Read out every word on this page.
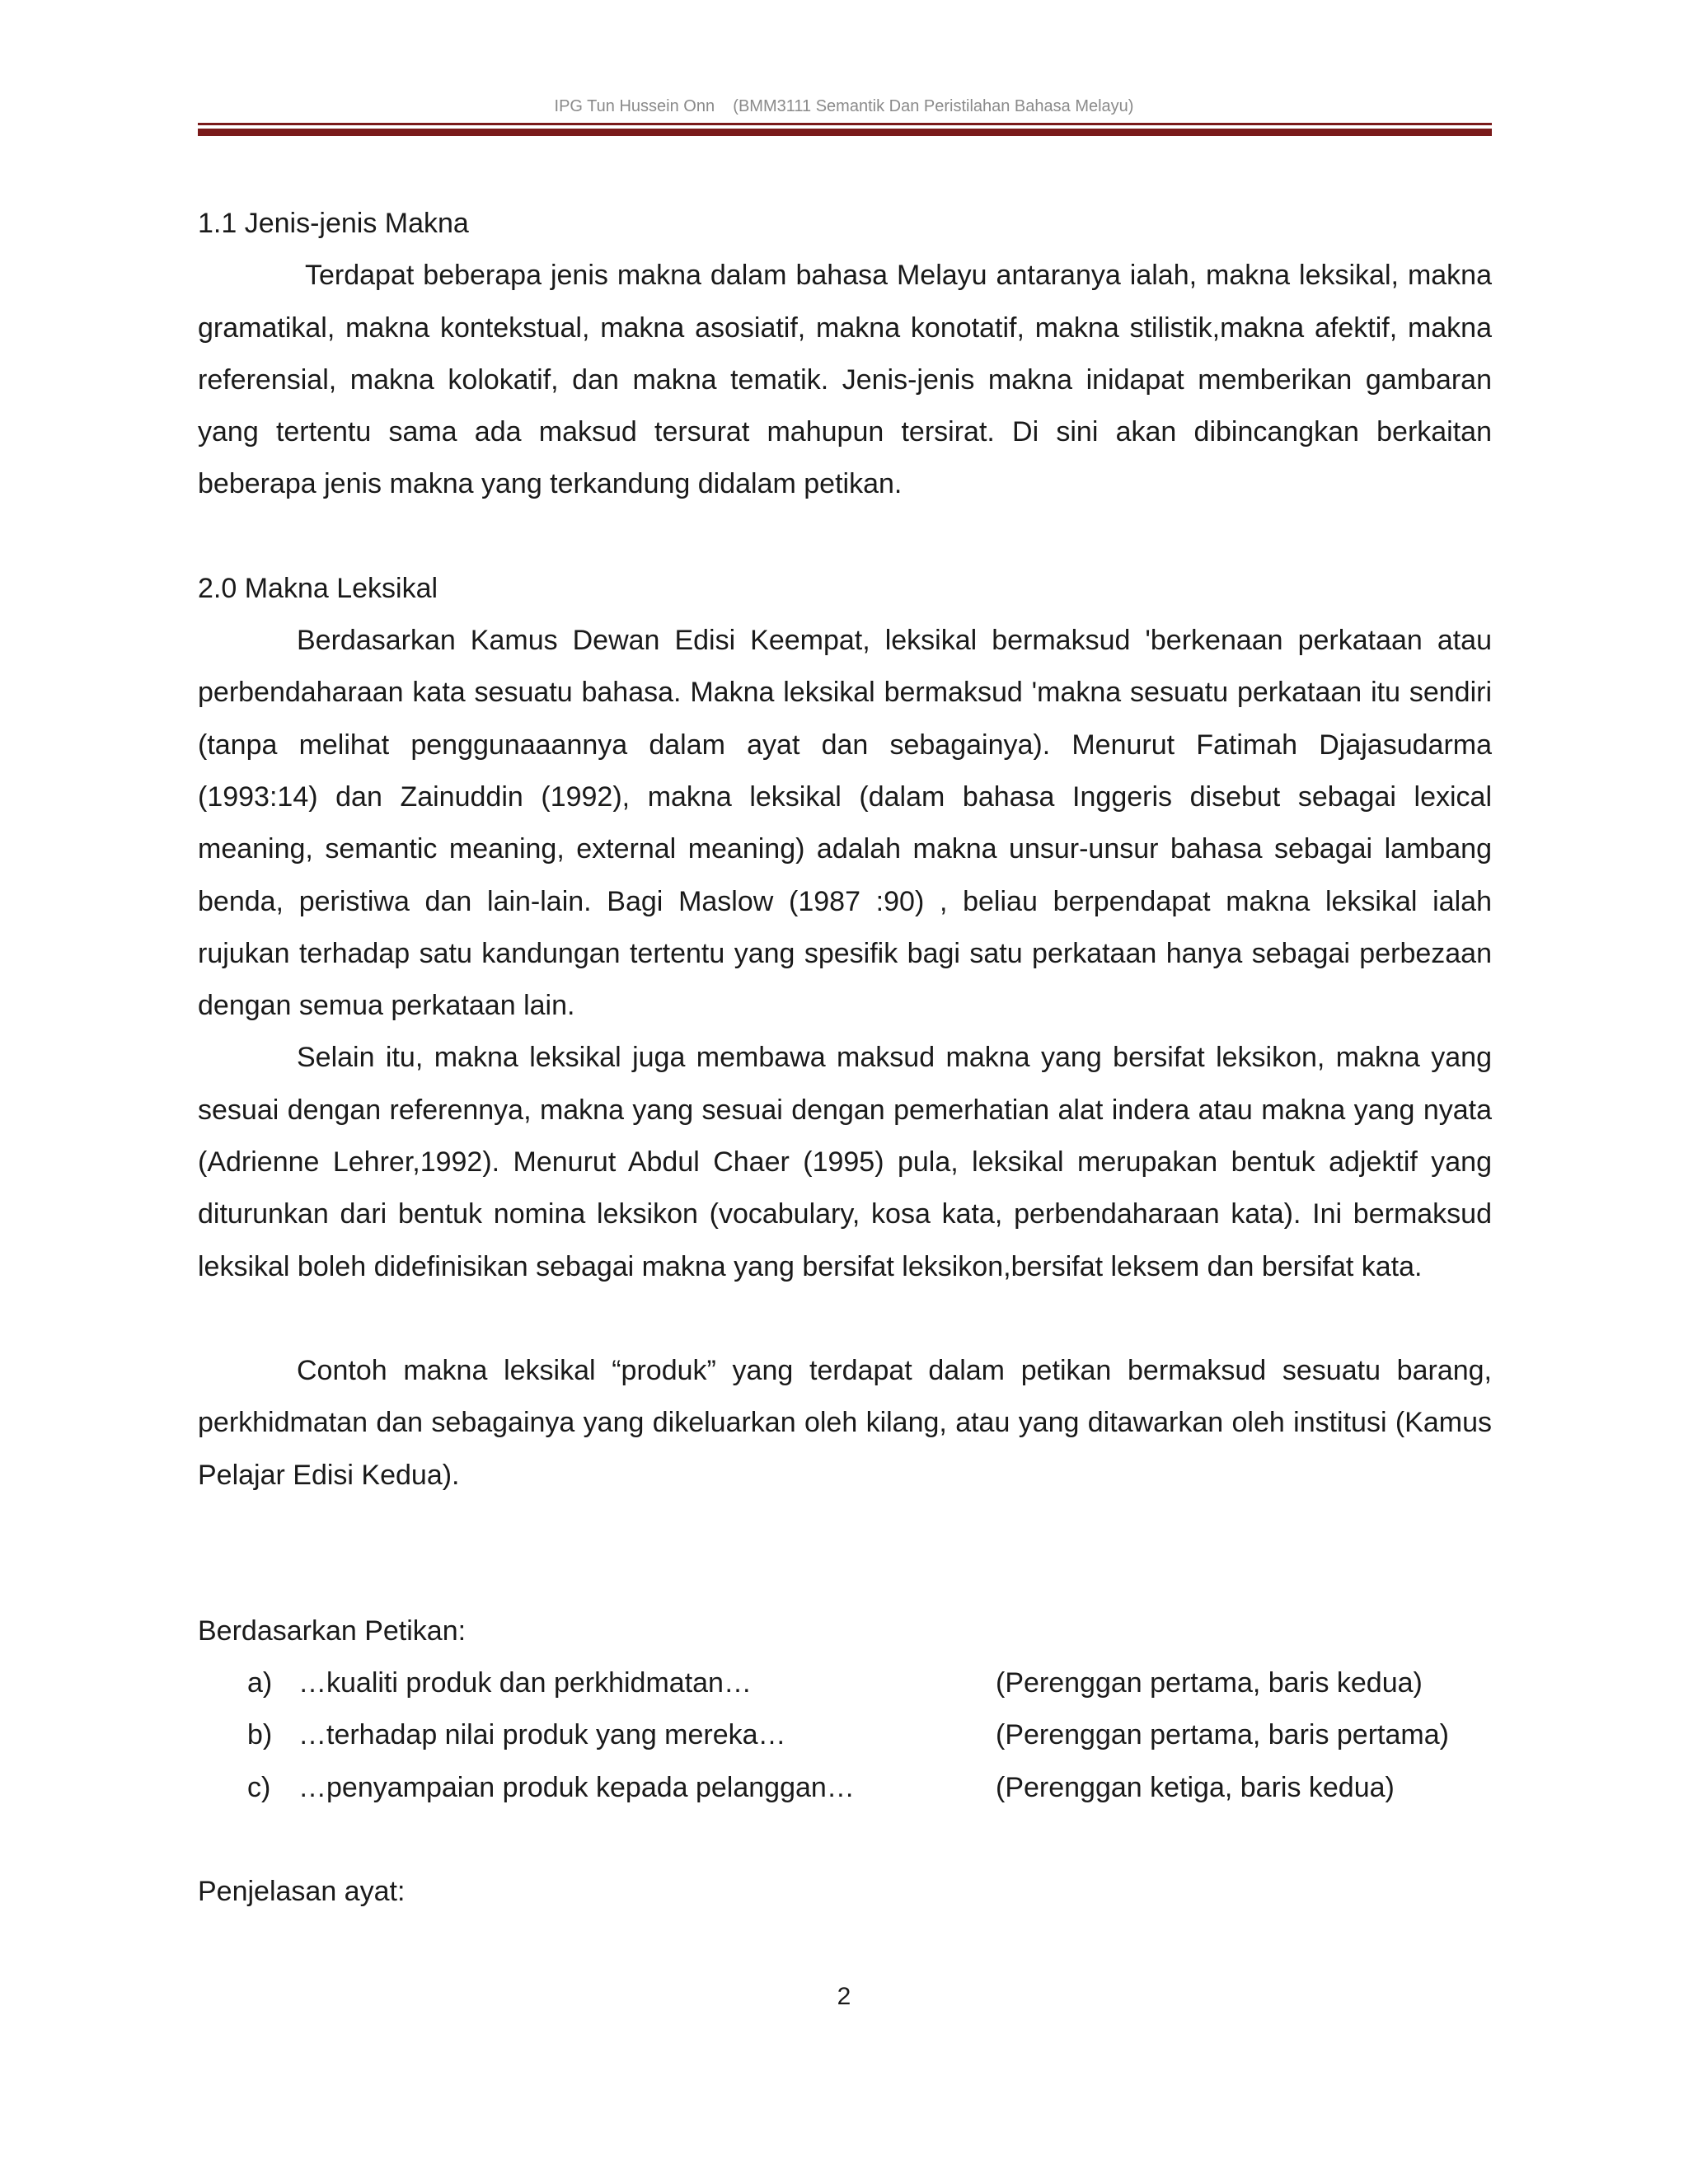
IPG Tun Hussein Onn    (BMM3111 Semantik Dan Peristilahan Bahasa Melayu)
1.1 Jenis-jenis Makna

Terdapat beberapa jenis makna dalam bahasa Melayu antaranya ialah, makna leksikal, makna gramatikal, makna kontekstual, makna asosiatif, makna konotatif, makna stilistik,makna afektif, makna referensial, makna kolokatif, dan makna tematik. Jenis-jenis makna inidapat memberikan gambaran yang tertentu sama ada maksud tersurat mahupun tersirat. Di sini akan dibincangkan berkaitan beberapa jenis makna yang terkandung didalam petikan.

2.0 Makna Leksikal

Berdasarkan Kamus Dewan Edisi Keempat, leksikal bermaksud 'berkenaan perkataan atau perbendaharaan kata sesuatu bahasa. Makna leksikal bermaksud 'makna sesuatu perkataan itu sendiri (tanpa melihat penggunaaannya dalam ayat dan sebagainya). Menurut Fatimah Djajasudarma (1993:14) dan Zainuddin (1992), makna leksikal (dalam bahasa Inggeris disebut sebagai lexical meaning, semantic meaning, external meaning) adalah makna unsur-unsur bahasa sebagai lambang benda, peristiwa dan lain-lain. Bagi Maslow (1987 :90) , beliau berpendapat makna leksikal ialah rujukan terhadap satu kandungan tertentu yang spesifik bagi satu perkataan hanya sebagai perbezaan dengan semua perkataan lain.

Selain itu, makna leksikal juga membawa maksud makna yang bersifat leksikon, makna yang sesuai dengan referennya, makna yang sesuai dengan pemerhatian alat indera atau makna yang nyata (Adrienne Lehrer,1992). Menurut Abdul Chaer (1995) pula, leksikal merupakan bentuk adjektif yang diturunkan dari bentuk nomina leksikon (vocabulary, kosa kata, perbendaharaan kata). Ini bermaksud leksikal boleh didefinisikan sebagai makna yang bersifat leksikon,bersifat leksem dan bersifat kata.

Contoh makna leksikal “produk” yang terdapat dalam petikan bermaksud sesuatu barang, perkhidmatan dan sebagainya yang dikeluarkan oleh kilang, atau yang ditawarkan oleh institusi (Kamus Pelajar Edisi Kedua).

Berdasarkan Petikan:

a) …kualiti produk dan perkhidmatan…	(Perenggan pertama, baris kedua)
b) …terhadap nilai produk yang mereka…	(Perenggan pertama, baris pertama)
c) …penyampaian produk kepada pelanggan…	(Perenggan ketiga, baris kedua)

Penjelasan ayat:

2
